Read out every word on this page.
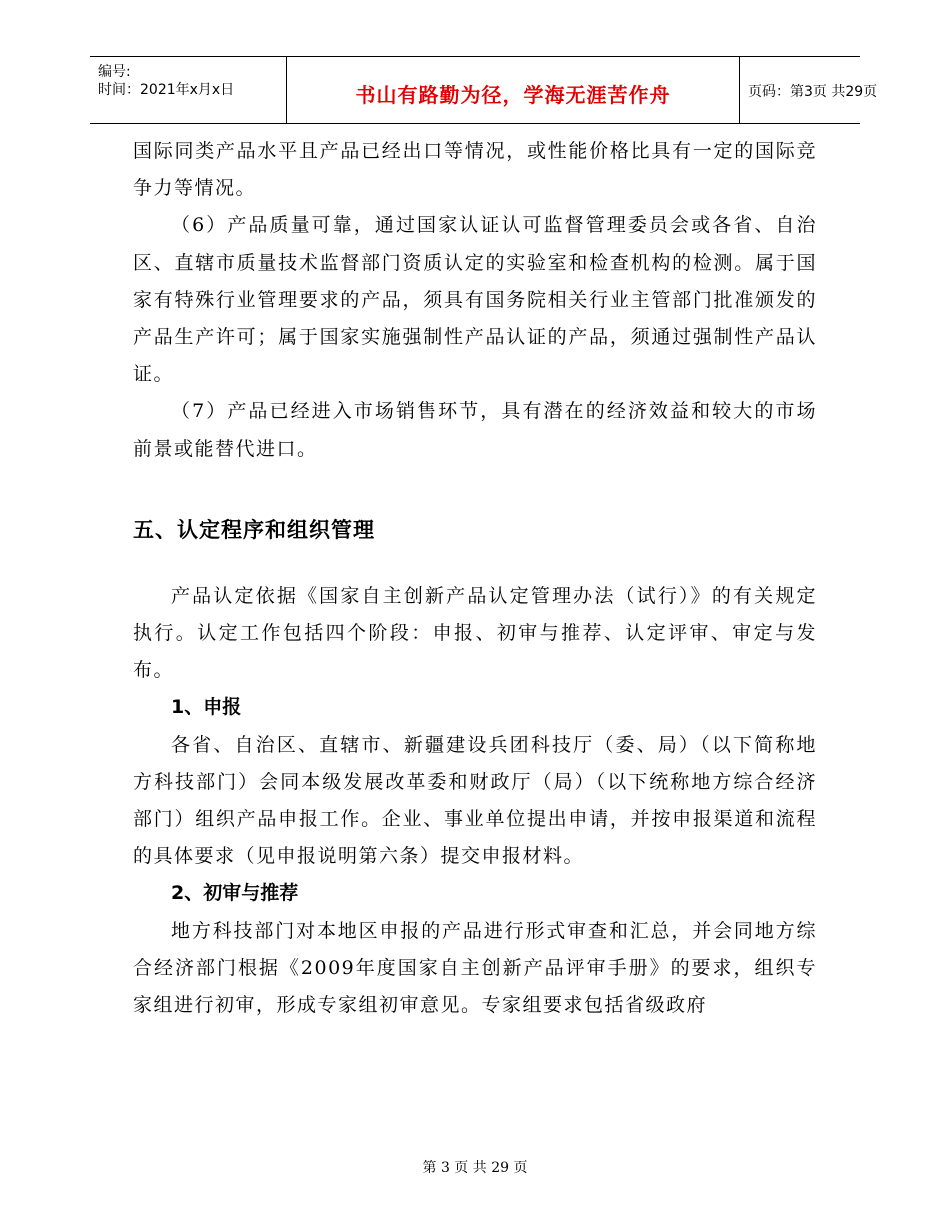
编号:
时间：2021年x月x日	书山有路勤为径，学海无涯苦作舟	页码：第3页 共29页

国际同类产品水平且产品已经出口等情况，或性能价格比具有一定的国际竞争力等情况。

（6）产品质量可靠，通过国家认证认可监督管理委员会或各省、自治区、直辖市质量技术监督部门资质认定的实验室和检查机构的检测。属于国家有特殊行业管理要求的产品，须具有国务院相关行业主管部门批准颁发的产品生产许可；属于国家实施强制性产品认证的产品，须通过强制性产品认证。

（7）产品已经进入市场销售环节，具有潜在的经济效益和较大的市场前景或能替代进口。

五、认定程序和组织管理

产品认定依据《国家自主创新产品认定管理办法（试行）》的有关规定执行。认定工作包括四个阶段：申报、初审与推荐、认定评审、审定与发布。

1、申报

各省、自治区、直辖市、新疆建设兵团科技厅（委、局）（以下简称地方科技部门）会同本级发展改革委和财政厅（局）（以下统称地方综合经济部门）组织产品申报工作。企业、事业单位提出申请，并按申报渠道和流程的具体要求（见申报说明第六条）提交申报材料。

2、初审与推荐

地方科技部门对本地区申报的产品进行形式审查和汇总，并会同地方综合经济部门根据《2009年度国家自主创新产品评审手册》的要求，组织专家组进行初审，形成专家组初审意见。专家组要求包括省级政府

第 3 页 共 29 页
